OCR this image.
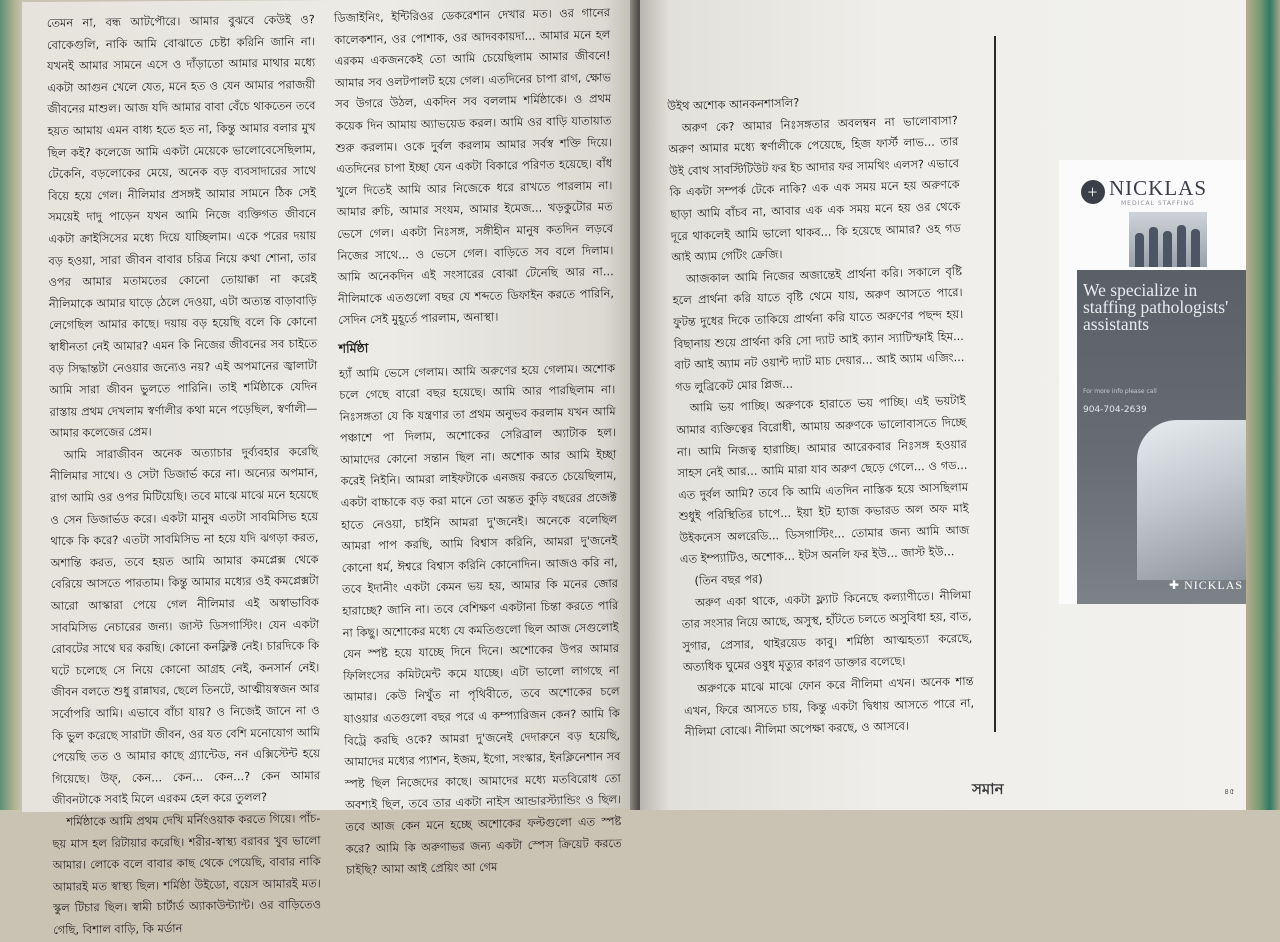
তেমন না, বন্ধ আটপৌরে। আমার বুঝবে কেউই ও? বোকেগুলি, নাকি আমি বোঝাতে চেষ্টা করিনি জানি না। যখনই আমার সামনে এসে ও দাঁড়াতো আমার মাথার মধ্যে একটা আগুন খেলে যেত, মনে হত ও যেন আমার পরাজয়ী জীবনের মাশুল। আজ যদি আমার বাবা বেঁচে থাকতেন তবে হয়ত আমায় এমন বাধ্য হতে হত না, কিন্তু আমার বলার মুখ ছিল কই? কলেজে আমি একটা মেয়েকে ভালোবেসেছিলাম, টেকেনি, বড়লোকের মেয়ে, অনেক বড় ব্যবসাদারের সাথে বিয়ে হয়ে গেল। নীলিমার প্রসঙ্গই আমার সামনে ঠিক সেই সময়েই দাদু পাড়েন যখন আমি নিজে ব্যক্তিগত জীবনে একটা ক্রাইসিসের মধ্যে দিয়ে যাচ্ছিলাম। একে পরের দয়ায় বড় হওয়া, সারা জীবন বাবার চরিত্র নিয়ে কথা শোনা, তার ওপর আমার মতামতের কোনো তোয়াক্কা না করেই নীলিমাকে আমার ঘাড়ে ঠেলে দেওয়া, এটা অত্যন্ত বাড়াবাড়ি লেগেছিল আমার কাছে। দয়ায় বড় হয়েছি বলে কি কোনো স্বাধীনতা নেই আমার? এমন কি নিজের জীবনের সব চাইতে বড় সিদ্ধান্তটা নেওয়ার জন্যেও নয়? এই অপমানের জ্বালাটা আমি সারা জীবন ভুলতে পারিনি। তাই শর্মিষ্ঠাকে যেদিন রাস্তায় প্রথম দেখলাম স্বর্ণালীর কথা মনে পড়েছিল, স্বর্ণালী—আমার কলেজের প্রেম।

আমি সারাজীবন অনেক অত্যাচার দুর্ব্যবহার করেছি নীলিমার সাথে। ও সেটা ডিজার্ভ করে না। অন্যের অপমান, রাগ আমি ওর ওপর মিটিয়েছি। তবে মাঝে মাঝে মনে হয়েছে ও সেন ডিজার্ভড করে। একটা মানুষ এতটা সাবমিসিভ হয়ে থাকে কি করে? এতটা সাবমিসিভ না হয়ে যদি ঝগড়া করত, অশান্তি করত, তবে হয়ত আমি আমার কমপ্লেক্স থেকে বেরিয়ে আসতে পারতাম। কিন্তু আমার মধ্যের ওই কমপ্লেক্সটা আরো আস্কারা পেয়ে গেল নীলিমার এই অস্বাভাবিক সাবমিসিভ নেচারের জন্য। জাস্ট ডিসগাস্টিং। যেন একটা রোবটের সাথে ঘর করছি। কোনো কনফ্লিক্ট নেই। চারদিকে কি ঘটে চলেছে সে নিয়ে কোনো আগ্রহ নেই, কনসার্ন নেই। জীবন বলতে শুধু রান্নাঘর, ছেলে তিনটে, আত্মীয়স্বজন আর সর্বোপরি আমি। এভাবে বাঁচা যায়? ও নিজেই জানে না ও কি ভুল করেছে সারাটা জীবন, ওর যত বেশি মনোযোগ আমি পেয়েছি তত ও আমার কাছে গ্র্যান্টেড, নন এক্সিস্টেন্ট হয়ে গিয়েছে। উফ্, কেন... কেন... কেন...? কেন আমার জীবনটাকে সবাই মিলে এরকম হেল করে তুলল?

শর্মিষ্ঠাকে আমি প্রথম দেখি মর্নিংওয়াক করতে গিয়ে। পাঁচ-ছয় মাস হল রিটায়ার করেছি। শরীর-স্বাস্থ্য বরাবর খুব ভালো আমার। লোকে বলে বাবার কাছ থেকে পেয়েছি, বাবার নাকি আমারই মত স্বাস্থ্য ছিল। শর্মিষ্ঠা উইডো, বয়েস আমারই মত। স্কুল টিচার ছিল। স্বামী চার্টার্ড অ্যাকাউন্ট্যান্ট। ওর বাড়িতেও গেছি, বিশাল বাড়ি, কি মর্ডান

ডিজাইনিং, ইন্টিরিওর ডেকরেশান দেখার মত। ওর গানের কালেকশান, ওর পোশাক, ওর আদবকায়দা... আমার মনে হল এরকম একজনকেই তো আমি চেয়েছিলাম আমার জীবনে! আমার সব ওলটপালট হয়ে গেল। এতদিনের চাপা রাগ, ক্ষোভ সব উগরে উঠল, একদিন সব বললাম শর্মিষ্ঠাকে। ও প্রথম কয়েক দিন আমায় অ্যাভয়েড করল। আমি ওর বাড়ি যাতায়াত শুরু করলাম। ওকে দুর্বল করলাম আমার সর্বস্ব শক্তি দিয়ে। এতদিনের চাপা ইচ্ছা যেন একটা বিকারে পরিণত হয়েছে। বাঁধ খুলে দিতেই আমি আর নিজেকে ধরে রাখতে পারলাম না। আমার রুচি, আমার সংযম, আমার ইমেজ... খড়কুটোর মত ভেসে গেল। একটা নিঃসঙ্গ, সঙ্গীহীন মানুষ কতদিন লড়বে নিজের সাথে... ও ভেসে গেল। বাড়িতে সব বলে দিলাম। আমি অনেকদিন এই সংসারের বোঝা টেনেছি আর না... নীলিমাকে এতগুলো বছর যে শব্দতে ডিফাইন করতে পারিনি, সেদিন সেই মুহূর্তে পারলাম, অনাস্থা।

শর্মিষ্ঠা

হ্যাঁ আমি ভেসে গেলাম। আমি অরুণের হয়ে গেলাম। অশোক চলে গেছে বারো বছর হয়েছে। আমি আর পারছিলাম না। নিঃসঙ্গতা যে কি যন্ত্রণার তা প্রথম অনুভব করলাম যখন আমি পঞ্চাশে পা দিলাম, অশোকের সেরিব্রাল অ্যাটাক হল। আমাদের কোনো সন্তান ছিল না। অশোক আর আমি ইচ্ছা করেই নিইনি। আমরা লাইফটাকে এনজয় করতে চেয়েছিলাম, একটা বাচ্চাকে বড় করা মানে তো অন্তত কুড়ি বছরের প্রজেক্ট হাতে নেওয়া, চাইনি আমরা দু'জনেই। অনেকে বলেছিল আমরা পাপ করছি, আমি বিশ্বাস করিনি, আমরা দু'জনেই কোনো ধর্ম, ঈশ্বরে বিশ্বাস করিনি কোনোদিন। আজও করি না, তবে ইদানীং একটা কেমন ভয় হয়, আমার কি মনের জোর হারাচ্ছে? জানি না। তবে বেশিক্ষণ একটানা চিন্তা করতে পারি না কিছু। অশোকের মধ্যে যে কমতিগুলো ছিল আজ সেগুলোই যেন স্পষ্ট হয়ে যাচ্ছে দিনে দিনে। অশোকের উপর আমার ফিলিংসের কমিটমেন্ট কমে যাচ্ছে। এটা ভালো লাগছে না আমার। কেউ নিখুঁত না পৃথিবীতে, তবে অশোকের চলে যাওয়ার এতগুলো বছর পরে এ কম্প্যারিজন কেন? আমি কি বিট্রে করছি ওকে? আমরা দু'জনেই দেদারুনে বড় হয়েছি, আমাদের মধ্যের প্যাশন, ইজম, ইগো, সংস্কার, ইনক্লিনেশান সব স্পষ্ট ছিল নিজেদের কাছে। আমাদের মধ্যে মতবিরোধ তো অবশ্যই ছিল, তবে তার একটা নাইস আন্ডারস্ট্যান্ডিং ও ছিল। তবে আজ কেন মনে হচ্ছে অশোকের ফল্টগুলো এত স্পষ্ট করে? আমি কি অরুণাভর জন্য একটা স্পেস ক্রিয়েট করতে চাইছি? আমা আই প্রেয়িং আ গেম

উইথ অশোক আনকনশাসলি?

অরুণ কে? আমার নিঃসঙ্গতার অবলম্বন না ভালোবাসা? অরুণ আমার মধ্যে স্বর্ণালীকে পেয়েছে, হিজ ফার্স্ট লাভ... তার উই বোথ সাবস্টিটিউট ফর ইচ আদার ফর সামথিং এলস? এভাবে কি একটা সম্পর্ক টেকে নাকি? এক এক সময় মনে হয় অরুণকে ছাড়া আমি বাঁচব না, আবার এক এক সময় মনে হয় ওর থেকে দূরে থাকলেই আমি ভালো থাকব... কি হয়েছে আমার? ওহ গড আই অ্যাম গেটিং ক্রেজি।

আজকাল আমি নিজের অজান্তেই প্রার্থনা করি। সকালে বৃষ্টি হলে প্রার্থনা করি যাতে বৃষ্টি থেমে যায়, অরুণ আসতে পারে। ফুটন্ত দুধের দিকে তাকিয়ে প্রার্থনা করি যাতে অরুণের পছন্দ হয়। বিছানায় শুয়ে প্রার্থনা করি সো দ্যাট আই ক্যান স্যাটিস্ফাই হিম... বাট আই অ্যাম নট ওয়ান্ট দ্যাট মাচ দেয়ার... আই অ্যাম এজিং... গড লুব্রিকেট মোর প্লিজ...

আমি ভয় পাচ্ছি। অরুণকে হারাতে ভয় পাচ্ছি। এই ভয়টাই আমার ব্যক্তিত্বের বিরোধী, আমায় অরুণকে ভালোবাসতে দিচ্ছে না। আমি নিজত্ব হারাচ্ছি। আমার আরেকবার নিঃসঙ্গ হওয়ার সাহস নেই আর... আমি মারা যাব অরুণ ছেড়ে গেলে... ও গড... এত দুর্বল আমি? তবে কি আমি এতদিন নাস্তিক হয়ে আসছিলাম শুধুই পরিস্থিতির চাপে... ইয়া ইট হ্যাজ কভারড অল অফ মাই উইকনেস অলরেডি... ডিসগাস্টিং... তোমার জন্য আমি আজ এত ইম্প্যাটিও, অশোক... ইটস অনলি ফর ইউ... জাস্ট ইউ...

(তিন বছর পর)

অরুণ একা থাকে, একটা ফ্ল্যাট কিনেছে কল্যাণীতে। নীলিমা তার সংসার নিয়ে আছে, অসুস্থ, হাঁটতে চলতে অসুবিধা হয়, বাত, সুগার, প্রেসার, থাইরয়েড কাবু। শর্মিষ্ঠা আত্মহত্যা করেছে, অত্যধিক ঘুমের ওষুধ মৃত্যুর কারণ ডাক্তার বলেছে।

অরুণকে মাঝে মাঝে ফোন করে নীলিমা এখন। অনেক শান্ত এখন, ফিরে আসতে চায়, কিন্তু একটা দ্বিধায় আসতে পারে না, নীলিমা বোঝে। নীলিমা অপেক্ষা করছে, ও আসবে।

+ NICKLAS
MEDICAL STAFFING
We specialize in staffing pathologists' assistants
For more info please call
904-704-2639
✚ NICKLAS
সমান	৪৫
